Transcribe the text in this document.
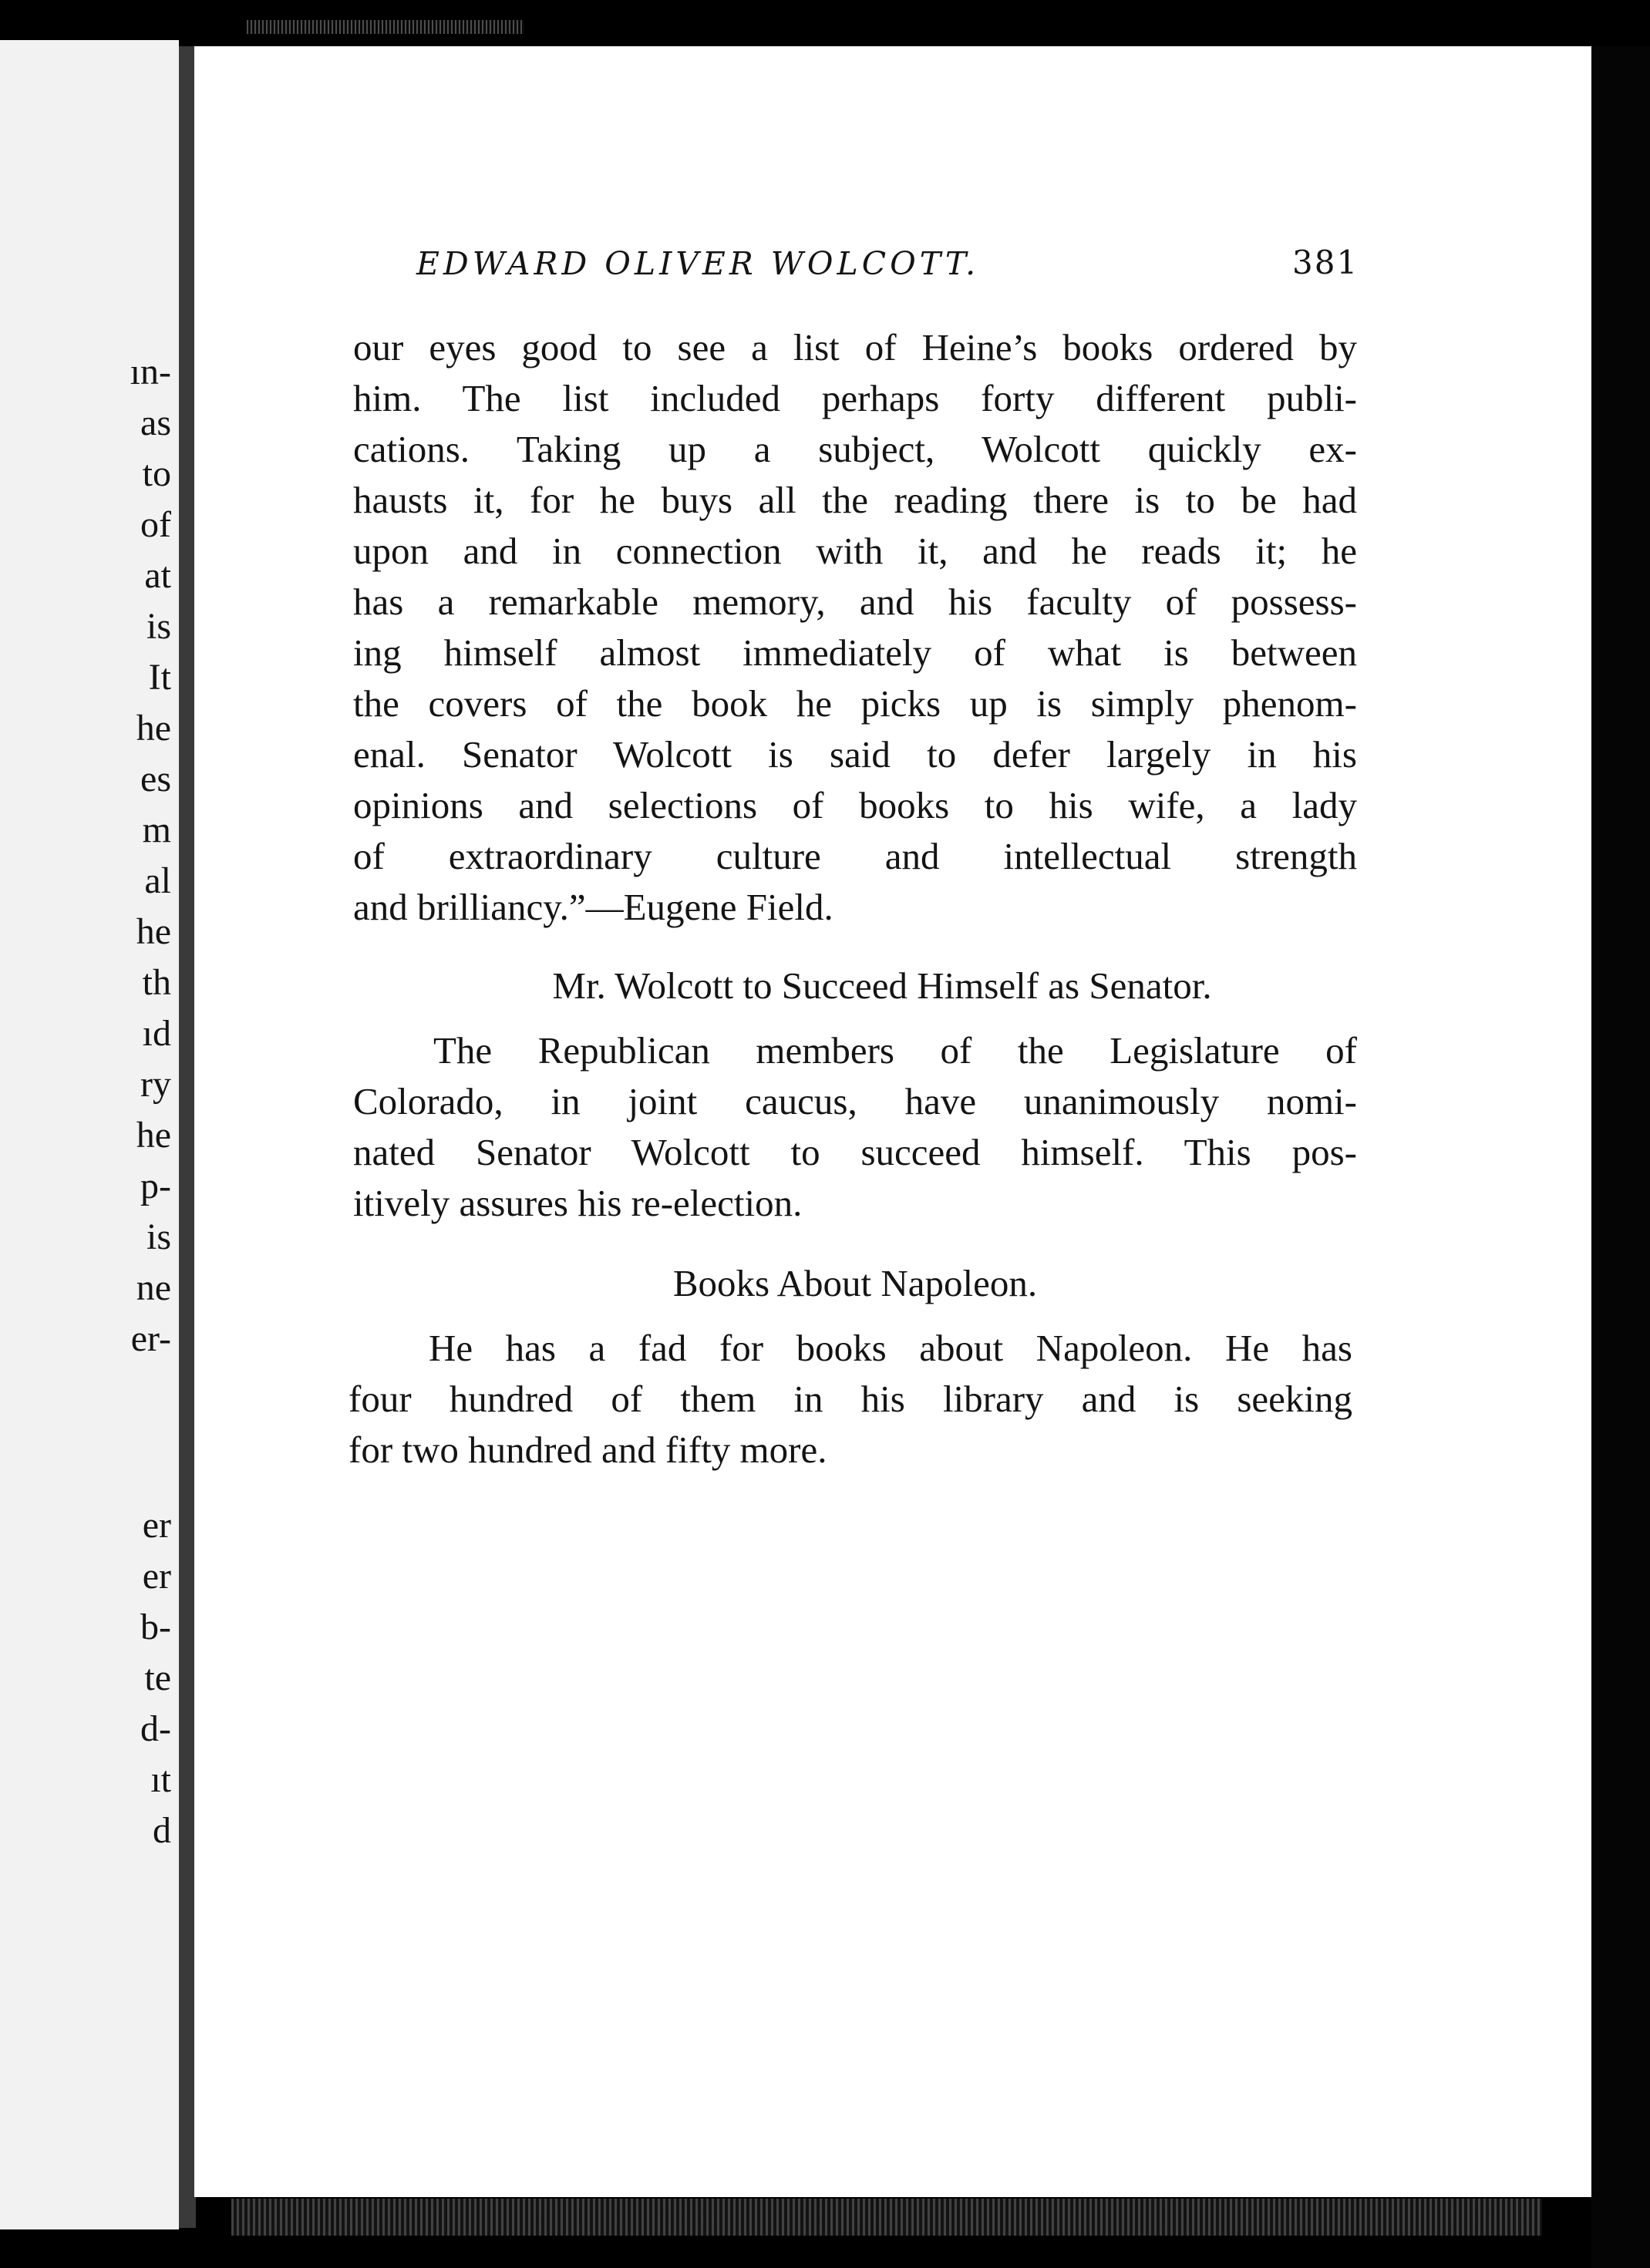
ın-
as
to
of
at
is
It
he
es
m
al
he
th
ıd
ry
he
p-
is
ne
er-
er
er
b-
te
d-
ıt
d
EDWARD OLIVER WOLCOTT.	381
our eyes good to see a list of Heine’s books ordered by
him. The list included perhaps forty different publi-
cations. Taking up a subject, Wolcott quickly ex-
hausts it, for he buys all the reading there is to be had
upon and in connection with it, and he reads it; he
has a remarkable memory, and his faculty of possess-
ing himself almost immediately of what is between
the covers of the book he picks up is simply phenom-
enal. Senator Wolcott is said to defer largely in his
opinions and selections of books to his wife, a lady
of extraordinary culture and intellectual strength
and brilliancy.”—Eugene Field.
Mr. Wolcott to Succeed Himself as Senator.
The Republican members of the Legislature of
Colorado, in joint caucus, have unanimously nomi-
nated Senator Wolcott to succeed himself. This pos-
itively assures his re-election.
Books About Napoleon.
He has a fad for books about Napoleon. He has
four hundred of them in his library and is seeking
for two hundred and fifty more.
